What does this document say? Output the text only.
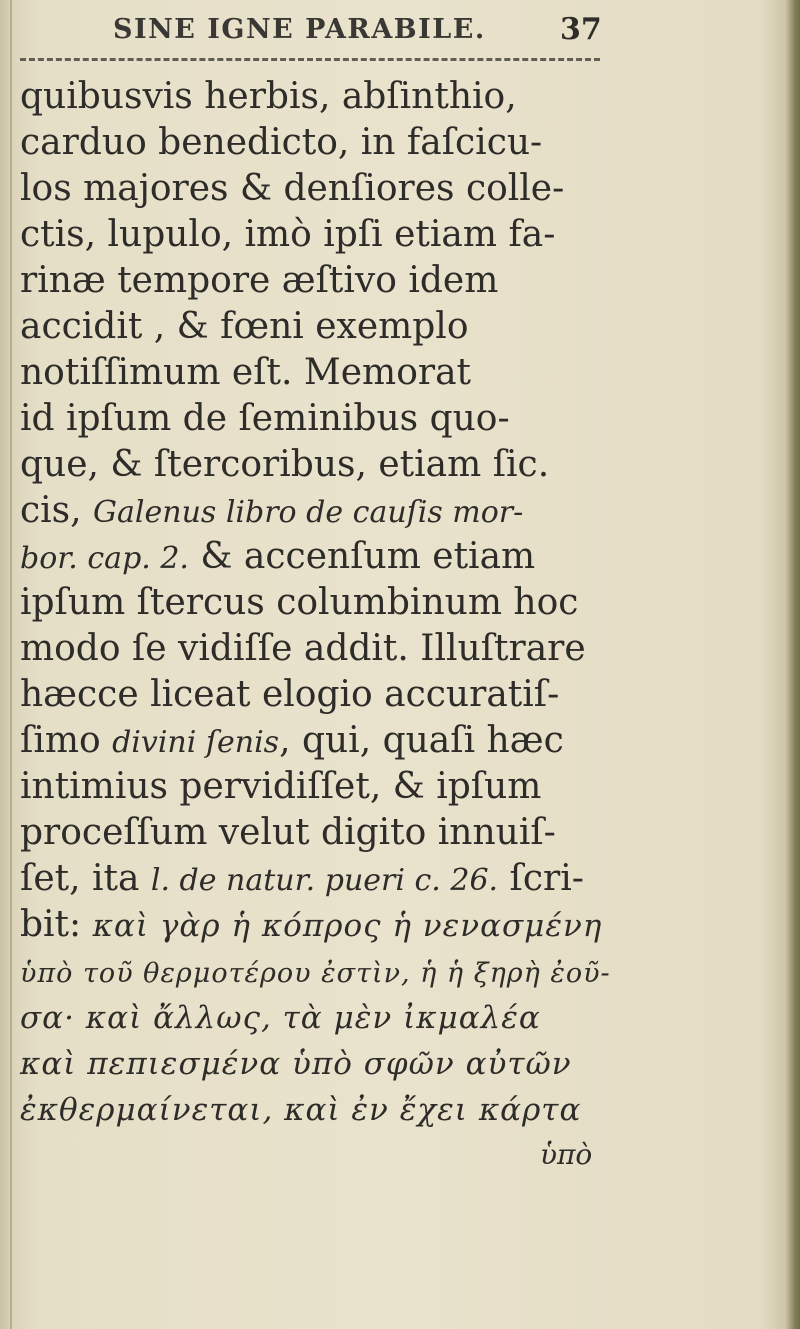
SINE IGNE PARABILE. 37
quibusvis herbis, abſinthio,
carduo benedicto, in faſcicu-
los majores & denſiores colle-
ctis, lupulo, imò ipſi etiam fa-
rinæ tempore æſtivo idem
accidit , & fœni exemplo
notiſſimum eſt. Memorat
id ipſum de ſeminibus quo-
que, & ſtercoribus, etiam ſic.
cis, Galenus libro de cauſis mor-
bor. cap. 2. & accenſum etiam
ipſum ſtercus columbinum hoc
modo ſe vidiſſe addit. Illuſtrare
hæcce liceat elogio accuratiſ-
ſimo divini ſenis, qui, quaſi hæc
intimius pervidiſſet, & ipſum
proceſſum velut digito innuiſ-
ſet, ita l. de natur. pueri c. 26. ſcri-
bit: καὶ γὰρ ἡ κόπρος ἡ νενασμένη
ὑπὸ τοῦ θερμοτέρου ἐστὶν, ἡ ἡ ξηρὴ ἐοῦ-
σα· καὶ ἄλλως, τὰ μὲν ἰκμαλέα
καὶ πεπιεσμένα ὑπὸ σφῶν αὐτῶν
ἐκθερμαίνεται, καὶ ἐν ἔχει κάρτα
ὑπὸ
